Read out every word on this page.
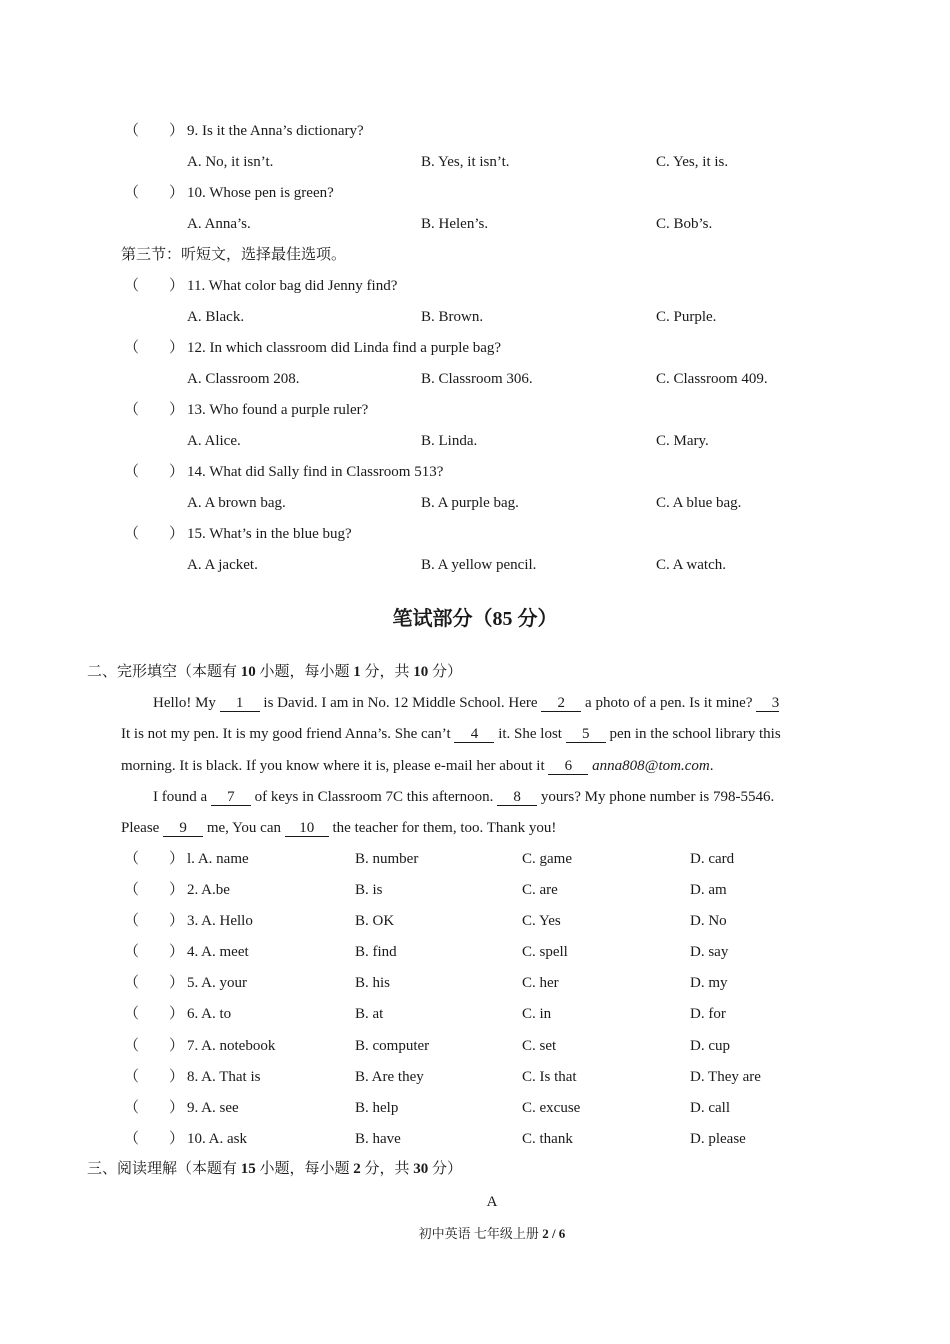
（　　） 9. Is it the Anna’s dictionary?
A. No, it isn’t.	B. Yes, it isn’t.	C. Yes, it is.
（　　） 10. Whose pen is green?
A. Anna’s.	B. Helen’s.	C. Bob’s.
第三节：听短文，选择最佳选项。
（　　） 11. What color bag did Jenny find?
A. Black.	B. Brown.	C. Purple.
（　　） 12. In which classroom did Linda find a purple bag?
A. Classroom 208.	B. Classroom 306.	C. Classroom 409.
（　　） 13. Who found a purple ruler?
A. Alice.	B. Linda.	C. Mary.
（　　） 14. What did Sally find in Classroom 513?
A. A brown bag.	B. A purple bag.	C. A blue bag.
（　　） 15. What’s in the blue bug?
A. A jacket.	B. A yellow pencil.	C. A watch.
笔试部分（85 分）
二、完形填空（本题有 10 小题，每小题 1 分，共 10 分）
Hello! My 1 is David. I am in No. 12 Middle School. Here 2 a photo of a pen. Is it mine? 3
It is not my pen. It is my good friend Anna’s. She can’t 4 it. She lost 5 pen in the school library this
morning. It is black. If you know where it is, please e-mail her about it 6 anna808@tom.com.
I found a 7 of keys in Classroom 7C this afternoon. 8 yours? My phone number is 798-5546.
Please 9 me, You can 10 the teacher for them, too. Thank you!
（　　） l. A. name	B. number	C. game	D. card
（　　） 2. A.be	B. is	C. are	D. am
（　　） 3. A. Hello	B. OK	C. Yes	D. No
（　　） 4. A. meet	B. find	C. spell	D. say
（　　） 5. A. your	B. his	C. her	D. my
（　　） 6. A. to	B. at	C. in	D. for
（　　） 7. A. notebook	B. computer	C. set	D. cup
（　　） 8. A. That is	B. Are they	C. Is that	D. They are
（　　） 9. A. see	B. help	C. excuse	D. call
（　　） 10. A. ask	B. have	C. thank	D. please
三、阅读理解（本题有 15 小题，每小题 2 分，共 30 分）
A
初中英语 七年级上册 2 / 6
